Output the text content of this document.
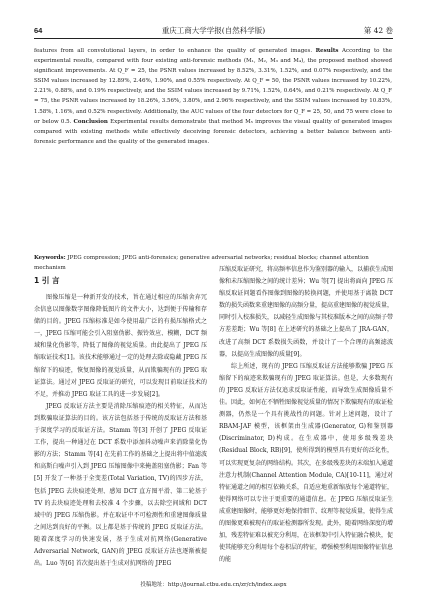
64	重庆工商大学学报(自然科学版)	第 42 卷

features from all convolutional layers, in order to enhance the quality of generated images. Results According to the experimental results, compared with four existing anti-forensic methods (M₁, M₂, M₃ and M₄), the proposed method showed significant improvements. At Q_F = 25, the PSNR values increased by 8.52%, 3.31%, 1.52%, and 0.07% respectively, and the SSIM values increased by 12.89%, 2.46%, 1.90%, and 0.55% respectively. At Q_F = 50, the PSNR values increased by 10.22%, 2.21%, 0.88%, and 0.19% respectively, and the SSIM values increased by 9.71%, 1.52%, 0.64%, and 0.21% respectively. At Q_F = 75, the PSNR values increased by 18.26%, 3.56%, 3.80%, and 2.96% respectively, and the SSIM values increased by 10.83%, 1.58%, 1.16%, and 0.52% respectively. Additionally, the AUC values of the four detectors for Q_F = 25, 50, and 75 were close to or below 0.5. Conclusion Experimental results demonstrate that method M₅ improves the visual quality of generated images compared with existing methods while effectively deceiving forensic detectors, achieving a better balance between anti-forensic performance and the quality of the generated images.

Keywords: JPEG compression; JPEG anti-forensics; generative adversarial networks; residual blocks; channel attention mechanism
1 引 言

图像压缩是一种新开发的技术，旨在通过相应的压缩舍弃冗余信息以图像数字图像降低图片的文件大小，达到便于传输和存储的目的。JPEG 压缩标准是如今使用最广泛的有损压缩格式之一，JPEG 压缩可能会引入阻塞伪影、振铃效应、模糊，DCT 频域和量化伪影等，降低了图像的视觉质量。由此提出了 JPEG 压缩取证技术[1]。该技术能够通过一定的处理去除或隐藏 JPEG 压缩留下的痕迹，恢复图像的视觉质量，从而欺骗现有的 JPEG 取证算法。通过对 JPEG 反取证的研究，可以发现目前取证技术的不足，并推动 JPEG 取证工具的进一步发展[2]。

JPEG 反取证方法主要是消除压缩痕迹的相关特征，从而达到欺骗取证算法的目的。该方法包括基于传统的反取证方法和基于深度学习的反取证方法。Stamm 等[3] 开创了 JPEG 反取证工作，提出一种通过在 DCT 系数中添加抖动噪声来消除量化伪影的方法；Stamm 等[4] 在先前工作的基础之上提出将中值滤波和高斯白噪声引入到 JPEG 压缩图像中来掩盖阻塞伪影；Fan 等[5] 开发了一种基于全变差(Total Variation, TV)的四步方法，包括 JPEG 去块痕迹处理、感知 DCT 直方图平滑、第二轮基于 TV 的去块痕迹处理和去校准 4 个步骤，以去除空间域和 DCT 域中的 JPEG 压缩伪影。并在取证中不可检测性和重建图像质量之间达到良好的平衡。以上都是基于传统的 JPEG 反取证方法。随着深度学习的快速发展，基于生成对抗网络(Generative Adversarial Network, GAN)的 JPEG 反取证方法也逐渐被提出。Luo 等[6] 首次提出基于生成对抗网络的 JPEG

压缩反取证研究，将高频率信息作为鉴别器的输入，以捕获生成图像和未压缩图像之间的统计差异；Wu 等[7] 提出将面向 JPEG 压缩反取证问题看作图像到图像的转换问题，并使用基于离散 DCT 数的损失函数来重建图像的高频分量，提高重建图像的视觉质量，同时引入校准损失，以减轻生成图像与其校准版本之间的高频子带方差差距；Wu 等[8] 在上述研究的基础之上提出了 JRA-GAN，改进了高频 DCT 系数损失函数，并设计了一个合理的高频滤波器，以提高生成图像的质量[9]。

综上所述，现有的 JPEG 压缩反取证方法能够欺骗 JPEG 压缩留下的痕迹来欺骗现有的 JPEG 取证算法。但是，大多数现有的 JPEG 反取证方法仅追求反取证性能，而导致生成图像质量不佳。因此，如何在不牺牲图像视觉质量的情况下欺骗现有的取证检测器，仍然是一个具有挑战性的问题。针对上述问题，设计了 RBAM-JAF 模型，该框架由生成器(Generator, G)和鉴别器(Discriminator, D)构成。在生成器中，使用多级残差块(Residual Block, RB)[9]，使所得到的模型具有更好的泛化性，可以实现更复杂的网络结构。其次，在多级残差块的末端加入通道注意力机制(Channel Attention Module, CA)[10-11]，通过对特征通道之间的相互依赖关系，自适应地重新缩放每个通道特征，使得网络可以专注于更重要的通道信息。在 JPEG 压缩反取证生成重建图像时，能够更好地保持细节、纹理等视觉质量，使得生成的图像更难被现有的取证检测器所发现。此外，随着网络深度的增加，残差特征难以被充分利用，在该框架中引入特征融合模块，促使其能够充分利用每个卷积层的特征，增强模型利用图像特征信息的能

投稿地址：http://journal.ctbu.edu.cn/zr/ch/index.aspx
